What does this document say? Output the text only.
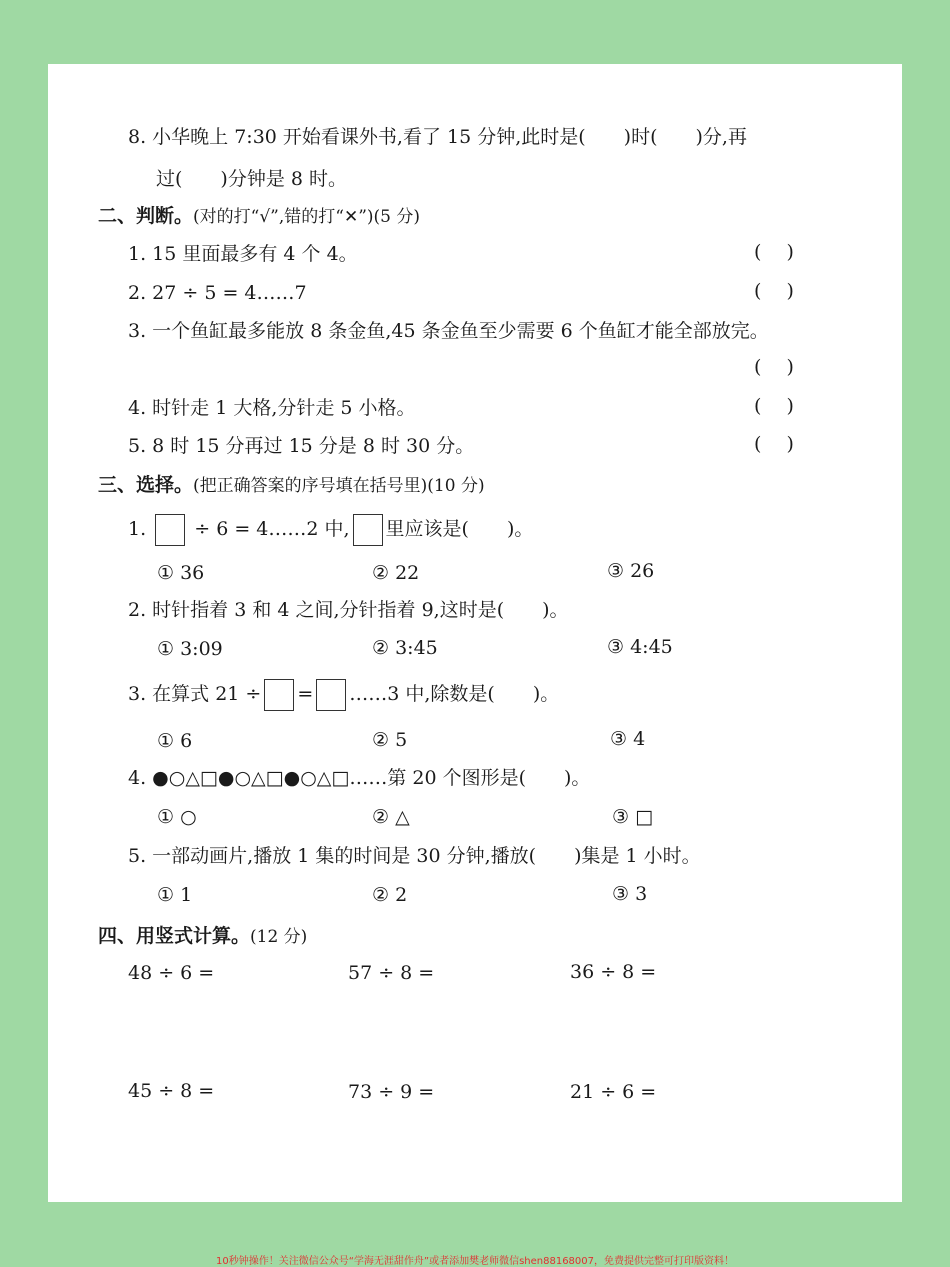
8. 小华晚上 7:30 开始看课外书,看了 15 分钟,此时是(　　)时(　　)分,再
过(　　)分钟是 8 时。
二、判断。(对的打“√”,错的打“✕”)(5 分)
1. 15 里面最多有 4 个 4。	(　 )
2. 27 ÷ 5 = 4……7	(　 )
3. 一个鱼缸最多能放 8 条金鱼,45 条金鱼至少需要 6 个鱼缸才能全部放完。
(　 )
4. 时针走 1 大格,分针走 5 小格。	(　 )
5. 8 时 15 分再过 15 分是 8 时 30 分。	(　 )
三、选择。(把正确答案的序号填在括号里)(10 分)
1.	÷ 6 = 4……2 中, 里应该是(　　)。
① 36	② 22	③ 26
2. 时针指着 3 和 4 之间,分针指着 9,这时是(　　)。
① 3:09	② 3:45	③ 4:45
3. 在算式 21 ÷ = ……3 中,除数是(　　)。
① 6	② 5	③ 4
4. ●○△□●○△□●○△□……第 20 个图形是(　　)。
① ○	② △	③ □
5. 一部动画片,播放 1 集的时间是 30 分钟,播放(　　)集是 1 小时。
① 1	② 2	③ 3
四、用竖式计算。(12 分)
48 ÷ 6 =	57 ÷ 8 =	36 ÷ 8 =
45 ÷ 8 =	73 ÷ 9 =	21 ÷ 6 =
10秒钟操作！关注微信公众号“学海无涯甜作舟”或者添加樊老师微信shen88168007，免费提供完整可打印版资料！
